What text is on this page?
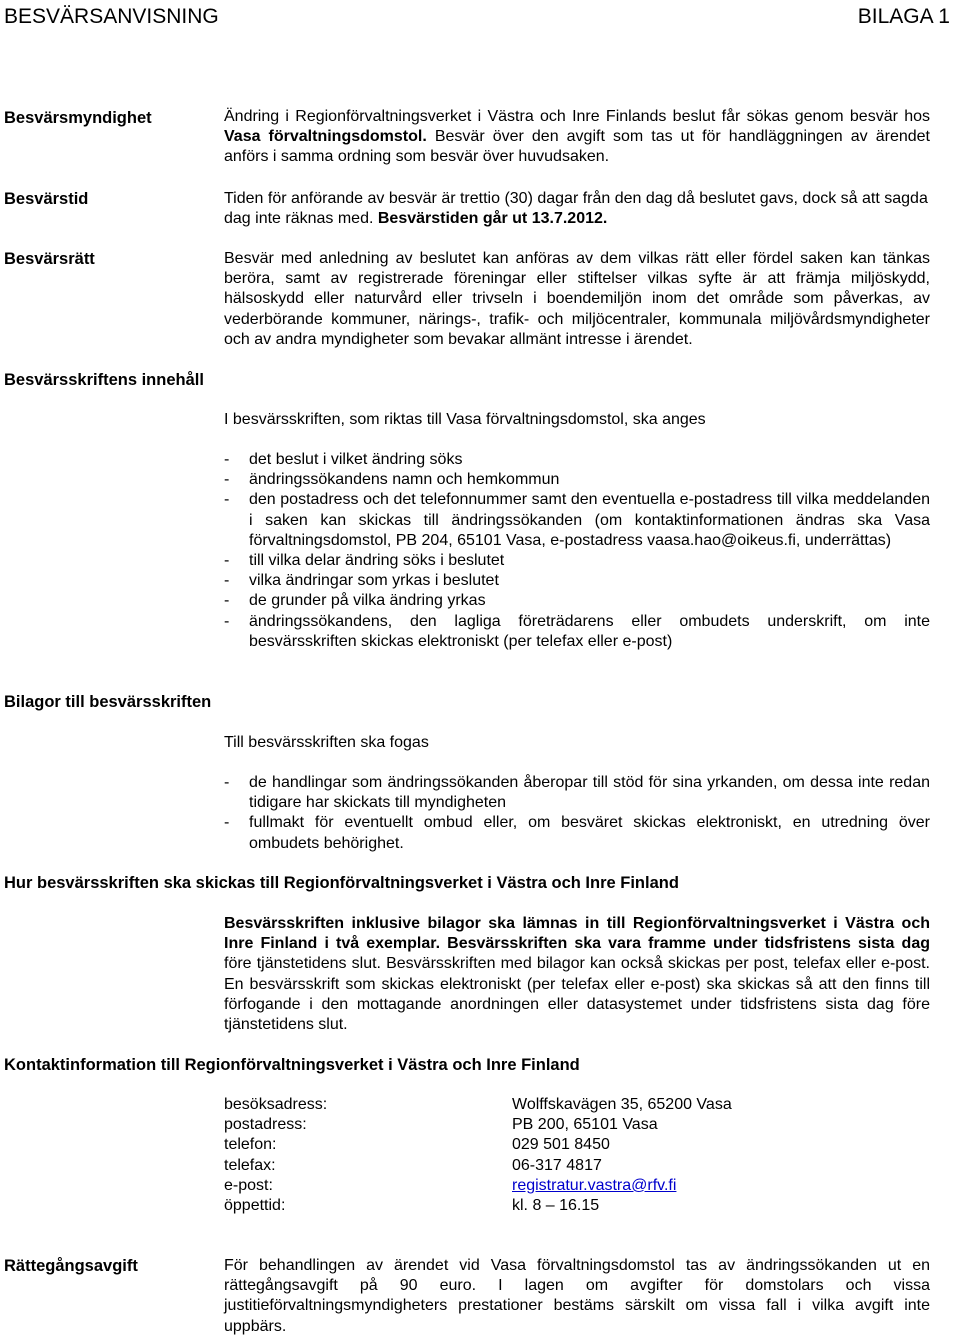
BESVÄRSANVISNING	BILAGA 1
Besvärsmyndighet	Ändring i Regionförvaltningsverket i Västra och Inre Finlands beslut får sökas genom besvär hos Vasa förvaltningsdomstol. Besvär över den avgift som tas ut för handläggningen av ärendet anförs i samma ordning som besvär över huvudsaken.
Besvärstid	Tiden för anförande av besvär är trettio (30) dagar från den dag då beslutet gavs, dock så att sagda dag inte räknas med. Besvärstiden går ut 13.7.2012.
Besvärsrätt	Besvär med anledning av beslutet kan anföras av dem vilkas rätt eller fördel saken kan tänkas beröra, samt av registrerade föreningar eller stiftelser vilkas syfte är att främja miljöskydd, hälsoskydd eller naturvård eller trivseln i boendemiljön inom det område som påverkas, av vederbörande kommuner, närings-, trafik- och miljöcentraler, kommunala miljövårdsmyndigheter och av andra myndigheter som bevakar allmänt intresse i ärendet.
Besvärsskriftens innehåll
I besvärsskriften, som riktas till Vasa förvaltningsdomstol, ska anges
- det beslut i vilket ändring söks
- ändringssökandens namn och hemkommun
- den postadress och det telefonnummer samt den eventuella e-postadress till vilka meddelanden i saken kan skickas till ändringssökanden (om kontaktinformationen ändras ska Vasa förvaltningsdomstol, PB 204, 65101 Vasa, e-postadress vaasa.hao@oikeus.fi, underrättas)
- till vilka delar ändring söks i beslutet
- vilka ändringar som yrkas i beslutet
- de grunder på vilka ändring yrkas
- ändringssökandens, den lagliga företrädarens eller ombudets underskrift, om inte besvärsskriften skickas elektroniskt (per telefax eller e-post)
Bilagor till besvärsskriften
Till besvärsskriften ska fogas
- de handlingar som ändringssökanden åberopar till stöd för sina yrkanden, om dessa inte redan tidigare har skickats till myndigheten
- fullmakt för eventuellt ombud eller, om besväret skickas elektroniskt, en utredning över ombudets behörighet.
Hur besvärsskriften ska skickas till Regionförvaltningsverket i Västra och Inre Finland
Besvärsskriften inklusive bilagor ska lämnas in till Regionförvaltningsverket i Västra och Inre Finland i två exemplar. Besvärsskriften ska vara framme under tidsfristens sista dag före tjänstetidens slut. Besvärsskriften med bilagor kan också skickas per post, telefax eller e-post. En besvärsskrift som skickas elektroniskt (per telefax eller e-post) ska skickas så att den finns till förfogande i den mottagande anordningen eller datasystemet under tidsfristens sista dag före tjänstetidens slut.
Kontaktinformation till Regionförvaltningsverket i Västra och Inre Finland
besöksadress:	Wolffskavägen 35, 65200 Vasa
postadress:	PB 200, 65101 Vasa
telefon:	029 501 8450
telefax:	06-317 4817
e-post:	registratur.vastra@rfv.fi
öppettid:	kl. 8 – 16.15
Rättegångsavgift	För behandlingen av ärendet vid Vasa förvaltningsdomstol tas av ändringssökanden ut en rättegångsavgift på 90 euro. I lagen om avgifter för domstolars och vissa justitieförvaltningsmyndigheters prestationer bestäms särskilt om vissa fall i vilka avgift inte uppbärs.
